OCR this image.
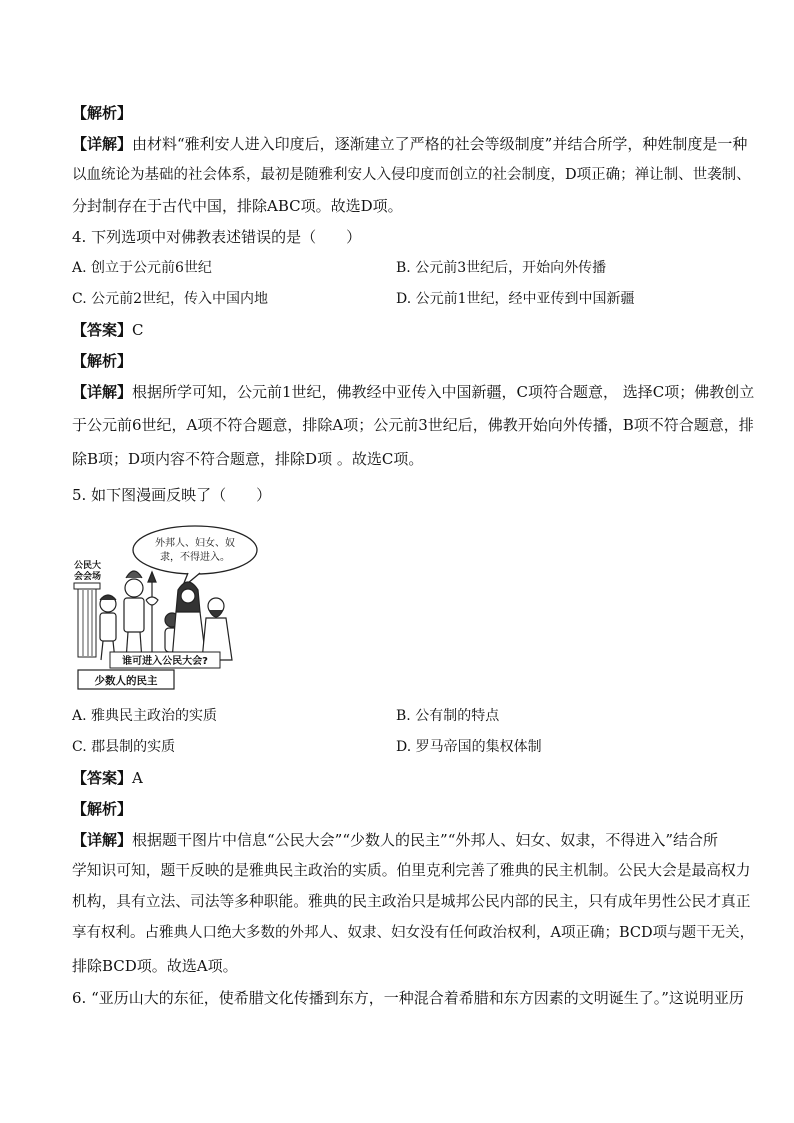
【解析】
【详解】由材料“雅利安人进入印度后，逐渐建立了严格的社会等级制度”并结合所学，种姓制度是一种
以血统论为基础的社会体系，最初是随雅利安人入侵印度而创立的社会制度，D项正确；禅让制、世袭制、
分封制存在于古代中国，排除ABC项。故选D项。
4. 下列选项中对佛教表述错误的是（　　）
A. 创立于公元前6世纪	B. 公元前3世纪后，开始向外传播
C. 公元前2世纪，传入中国内地	D. 公元前1世纪，经中亚传到中国新疆
【答案】C
【解析】
【详解】根据所学可知，公元前1世纪，佛教经中亚传入中国新疆，C项符合题意， 选择C项；佛教创立
于公元前6世纪，A项不符合题意，排除A项；公元前3世纪后，佛教开始向外传播，B项不符合题意，排
除B项；D项内容不符合题意，排除D项 。故选C项。
5. 如下图漫画反映了（　　）
外邦人、妇女、奴
隶，不得进入。
公民大
会会场
谁可进入公民大会?
少数人的民主
A. 雅典民主政治的实质	B. 公有制的特点
C. 郡县制的实质	D. 罗马帝国的集权体制
【答案】A
【解析】
【详解】根据题干图片中信息“公民大会”“少数人的民主”“外邦人、妇女、奴隶，不得进入”结合所
学知识可知，题干反映的是雅典民主政治的实质。伯里克利完善了雅典的民主机制。公民大会是最高权力
机构，具有立法、司法等多种职能。雅典的民主政治只是城邦公民内部的民主，只有成年男性公民才真正
享有权利。占雅典人口绝大多数的外邦人、奴隶、妇女没有任何政治权利，A项正确；BCD项与题干无关，
排除BCD项。故选A项。
6. “亚历山大的东征，使希腊文化传播到东方，一种混合着希腊和东方因素的文明诞生了。”这说明亚历
